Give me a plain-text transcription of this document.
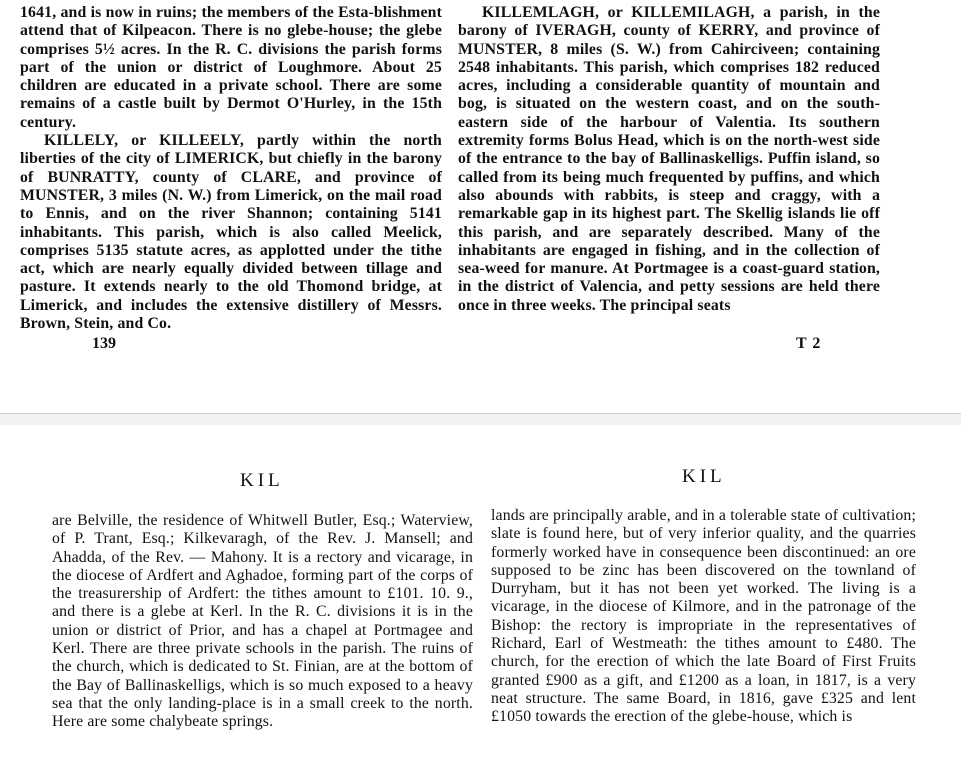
1641, and is now in ruins; the members of the Esta-blishment attend that of Kilpeacon. There is no glebe-house; the glebe comprises 5½ acres. In the R. C. divisions the parish forms part of the union or district of Loughmore. About 25 children are educated in a private school. There are some remains of a castle built by Dermot O'Hurley, in the 15th century.

KILLELY, or KILLEELY, partly within the north liberties of the city of LIMERICK, but chiefly in the barony of BUNRATTY, county of CLARE, and province of MUNSTER, 3 miles (N. W.) from Limerick, on the mail road to Ennis, and on the river Shannon; containing 5141 inhabitants. This parish, which is also called Meelick, comprises 5135 statute acres, as applotted under the tithe act, which are nearly equally divided between tillage and pasture. It extends nearly to the old Thomond bridge, at Limerick, and includes the extensive distillery of Messrs. Brown, Stein, and Co.

KILLEMLAGH, or KILLEMILAGH, a parish, in the barony of IVERAGH, county of KERRY, and province of MUNSTER, 8 miles (S. W.) from Cahirciveen; containing 2548 inhabitants. This parish, which comprises 182 reduced acres, including a considerable quantity of mountain and bog, is situated on the western coast, and on the south-eastern side of the harbour of Valentia. Its southern extremity forms Bolus Head, which is on the north-west side of the entrance to the bay of Ballinaskelligs. Puffin island, so called from its being much frequented by puffins, and which also abounds with rabbits, is steep and craggy, with a remarkable gap in its highest part. The Skellig islands lie off this parish, and are separately described. Many of the inhabitants are engaged in fishing, and in the collection of sea-weed for manure. At Portmagee is a coast-guard station, in the district of Valencia, and petty sessions are held there once in three weeks. The principal seats

139	T 2
KIL	KIL

are Belville, the residence of Whitwell Butler, Esq.; Waterview, of P. Trant, Esq.; Kilkevaragh, of the Rev. J. Mansell; and Ahadda, of the Rev. — Mahony. It is a rectory and vicarage, in the diocese of Ardfert and Aghadoe, forming part of the corps of the treasurership of Ardfert: the tithes amount to £101. 10. 9., and there is a glebe at Kerl. In the R. C. divisions it is in the union or district of Prior, and has a chapel at Portmagee and Kerl. There are three private schools in the parish. The ruins of the church, which is dedicated to St. Finian, are at the bottom of the Bay of Ballinaskelligs, which is so much exposed to a heavy sea that the only landing-place is in a small creek to the north. Here are some chalybeate springs.

lands are principally arable, and in a tolerable state of cultivation; slate is found here, but of very inferior quality, and the quarries formerly worked have in consequence been discontinued: an ore supposed to be zinc has been discovered on the townland of Durryham, but it has not been yet worked. The living is a vicarage, in the diocese of Kilmore, and in the patronage of the Bishop: the rectory is impropriate in the representatives of Richard, Earl of Westmeath: the tithes amount to £480. The church, for the erection of which the late Board of First Fruits granted £900 as a gift, and £1200 as a loan, in 1817, is a very neat structure. The same Board, in 1816, gave £325 and lent £1050 towards the erection of the glebe-house, which is
